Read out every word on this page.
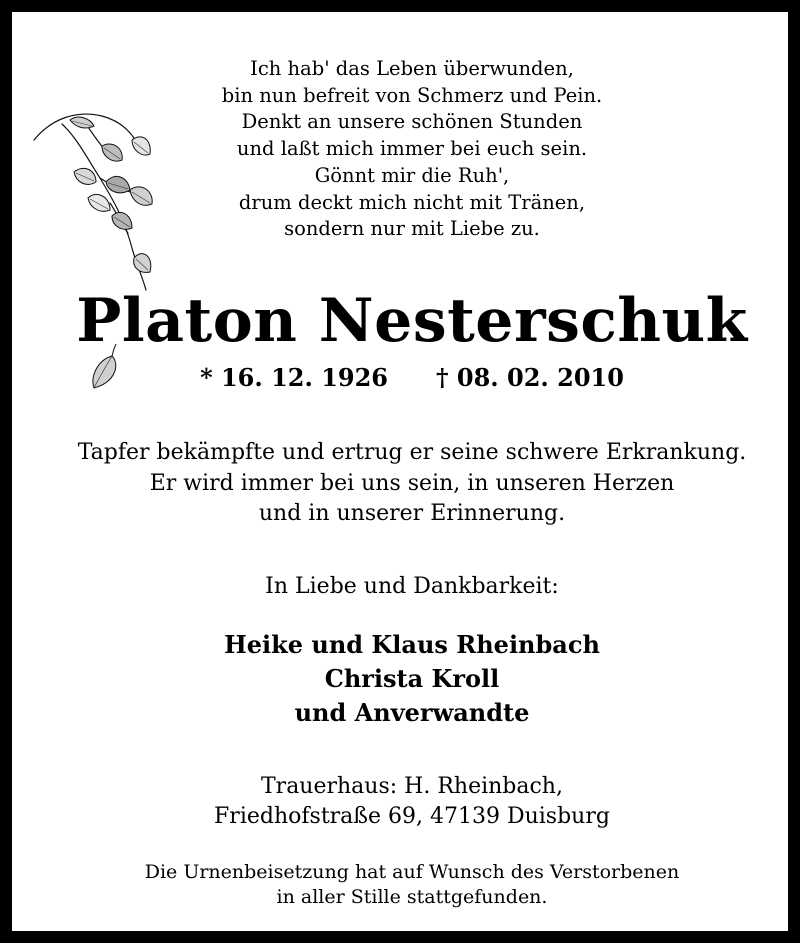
Ich hab' das Leben überwunden,
bin nun befreit von Schmerz und Pein.
Denkt an unsere schönen Stunden
und laßt mich immer bei euch sein.
Gönnt mir die Ruh',
drum deckt mich nicht mit Tränen,
sondern nur mit Liebe zu.
Platon Nesterschuk
* 16. 12. 1926 † 08. 02. 2010
Tapfer bekämpfte und ertrug er seine schwere Erkrankung.
Er wird immer bei uns sein, in unseren Herzen
und in unserer Erinnerung.
In Liebe und Dankbarkeit:
Heike und Klaus Rheinbach
Christa Kroll
und Anverwandte
Trauerhaus: H. Rheinbach,
Friedhofstraße 69, 47139 Duisburg
Die Urnenbeisetzung hat auf Wunsch des Verstorbenen
in aller Stille stattgefunden.
